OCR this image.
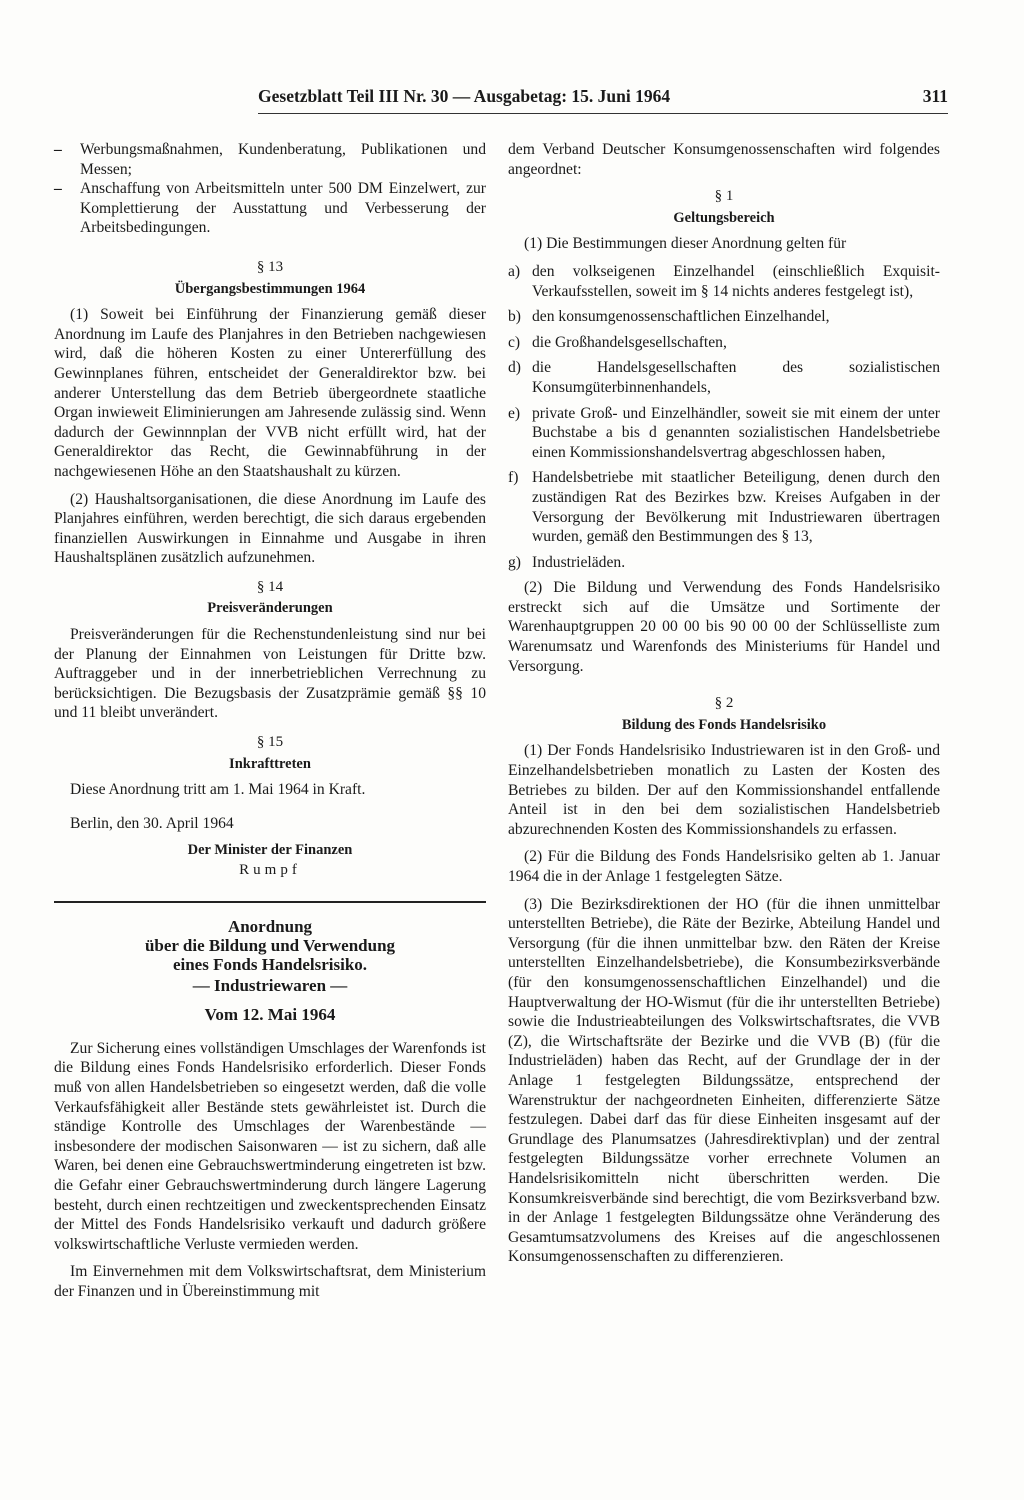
Gesetzblatt Teil III Nr. 30 — Ausgabetag: 15. Juni 1964	311
–	Werbungsmaßnahmen, Kundenberatung, Publikationen und Messen;
–	Anschaffung von Arbeitsmitteln unter 500 DM Einzelwert, zur Komplettierung der Ausstattung und Verbesserung der Arbeitsbedingungen.
§ 13
Übergangsbestimmungen 1964

(1) Soweit bei Einführung der Finanzierung gemäß dieser Anordnung im Laufe des Planjahres in den Betrieben nachgewiesen wird, daß die höheren Kosten zu einer Untererfüllung des Gewinnplanes führen, entscheidet der Generaldirektor bzw. bei anderer Unterstellung das dem Betrieb übergeordnete staatliche Organ inwieweit Eliminierungen am Jahresende zulässig sind. Wenn dadurch der Gewinnnplan der VVB nicht erfüllt wird, hat der Generaldirektor das Recht, die Gewinnabführung in der nachgewiesenen Höhe an den Staatshaushalt zu kürzen.

(2) Haushaltsorganisationen, die diese Anordnung im Laufe des Planjahres einführen, werden berechtigt, die sich daraus ergebenden finanziellen Auswirkungen in Einnahme und Ausgabe in ihren Haushaltsplänen zusätzlich aufzunehmen.

§ 14
Preisveränderungen

Preisveränderungen für die Rechenstundenleistung sind nur bei der Planung der Einnahmen von Leistungen für Dritte bzw. Auftraggeber und in der innerbetrieblichen Verrechnung zu berücksichtigen. Die Bezugsbasis der Zusatzprämie gemäß §§ 10 und 11 bleibt unverändert.

§ 15
Inkrafttreten

Diese Anordnung tritt am 1. Mai 1964 in Kraft.

Berlin, den 30. April 1964

Der Minister der Finanzen
Rumpf
Anordnung
über die Bildung und Verwendung
eines Fonds Handelsrisiko.
— Industriewaren —
Vom 12. Mai 1964

Zur Sicherung eines vollständigen Umschlages der Warenfonds ist die Bildung eines Fonds Handelsrisiko erforderlich. Dieser Fonds muß von allen Handelsbetrieben so eingesetzt werden, daß die volle Verkaufsfähigkeit aller Bestände stets gewährleistet ist. Durch die ständige Kontrolle des Umschlages der Warenbestände — insbesondere der modischen Saisonwaren — ist zu sichern, daß alle Waren, bei denen eine Gebrauchswertminderung eingetreten ist bzw. die Gefahr einer Gebrauchswertminderung durch längere Lagerung besteht, durch einen rechtzeitigen und zweckentsprechenden Einsatz der Mittel des Fonds Handelsrisiko verkauft und dadurch größere volkswirtschaftliche Verluste vermieden werden.

Im Einvernehmen mit dem Volkswirtschaftsrat, dem Ministerium der Finanzen und in Übereinstimmung mit

dem Verband Deutscher Konsumgenossenschaften wird folgendes angeordnet:

§ 1
Geltungsbereich

(1) Die Bestimmungen dieser Anordnung gelten für

a) den volkseigenen Einzelhandel (einschließlich Exquisit-Verkaufsstellen, soweit im § 14 nichts anderes festgelegt ist),
b) den konsumgenossenschaftlichen Einzelhandel,
c) die Großhandelsgesellschaften,
d) die Handelsgesellschaften des sozialistischen Konsumgüterbinnenhandels,
e) private Groß- und Einzelhändler, soweit sie mit einem der unter Buchstabe a bis d genannten sozialistischen Handelsbetriebe einen Kommissionshandelsvertrag abgeschlossen haben,
f) Handelsbetriebe mit staatlicher Beteiligung, denen durch den zuständigen Rat des Bezirkes bzw. Kreises Aufgaben in der Versorgung der Bevölkerung mit Industriewaren übertragen wurden, gemäß den Bestimmungen des § 13,
g) Industrieläden.

(2) Die Bildung und Verwendung des Fonds Handelsrisiko erstreckt sich auf die Umsätze und Sortimente der Warenhauptgruppen 20 00 00 bis 90 00 00 der Schlüsselliste zum Warenumsatz und Warenfonds des Ministeriums für Handel und Versorgung.

§ 2
Bildung des Fonds Handelsrisiko

(1) Der Fonds Handelsrisiko Industriewaren ist in den Groß- und Einzelhandelsbetrieben monatlich zu Lasten der Kosten des Betriebes zu bilden. Der auf den Kommissionshandel entfallende Anteil ist in den bei dem sozialistischen Handelsbetrieb abzurechnenden Kosten des Kommissionshandels zu erfassen.

(2) Für die Bildung des Fonds Handelsrisiko gelten ab 1. Januar 1964 die in der Anlage 1 festgelegten Sätze.

(3) Die Bezirksdirektionen der HO (für die ihnen unmittelbar unterstellten Betriebe), die Räte der Bezirke, Abteilung Handel und Versorgung (für die ihnen unmittelbar bzw. den Räten der Kreise unterstellten Einzelhandelsbetriebe), die Konsumbezirksverbände (für den konsumgenossenschaftlichen Einzelhandel) und die Hauptverwaltung der HO-Wismut (für die ihr unterstellten Betriebe) sowie die Industrieabteilungen des Volkswirtschaftsrates, die VVB (Z), die Wirtschaftsräte der Bezirke und die VVB (B) (für die Industrieläden) haben das Recht, auf der Grundlage der in der Anlage 1 festgelegten Bildungssätze, entsprechend der Warenstruktur der nachgeordneten Einheiten, differenzierte Sätze festzulegen. Dabei darf das für diese Einheiten insgesamt auf der Grundlage des Planumsatzes (Jahresdirektivplan) und der zentral festgelegten Bildungssätze vorher errechnete Volumen an Handelsrisikomitteln nicht überschritten werden. Die Konsumkreisverbände sind berechtigt, die vom Bezirksverband bzw. in der Anlage 1 festgelegten Bildungssätze ohne Veränderung des Gesamtumsatzvolumens des Kreises auf die angeschlossenen Konsumgenossenschaften zu differenzieren.
